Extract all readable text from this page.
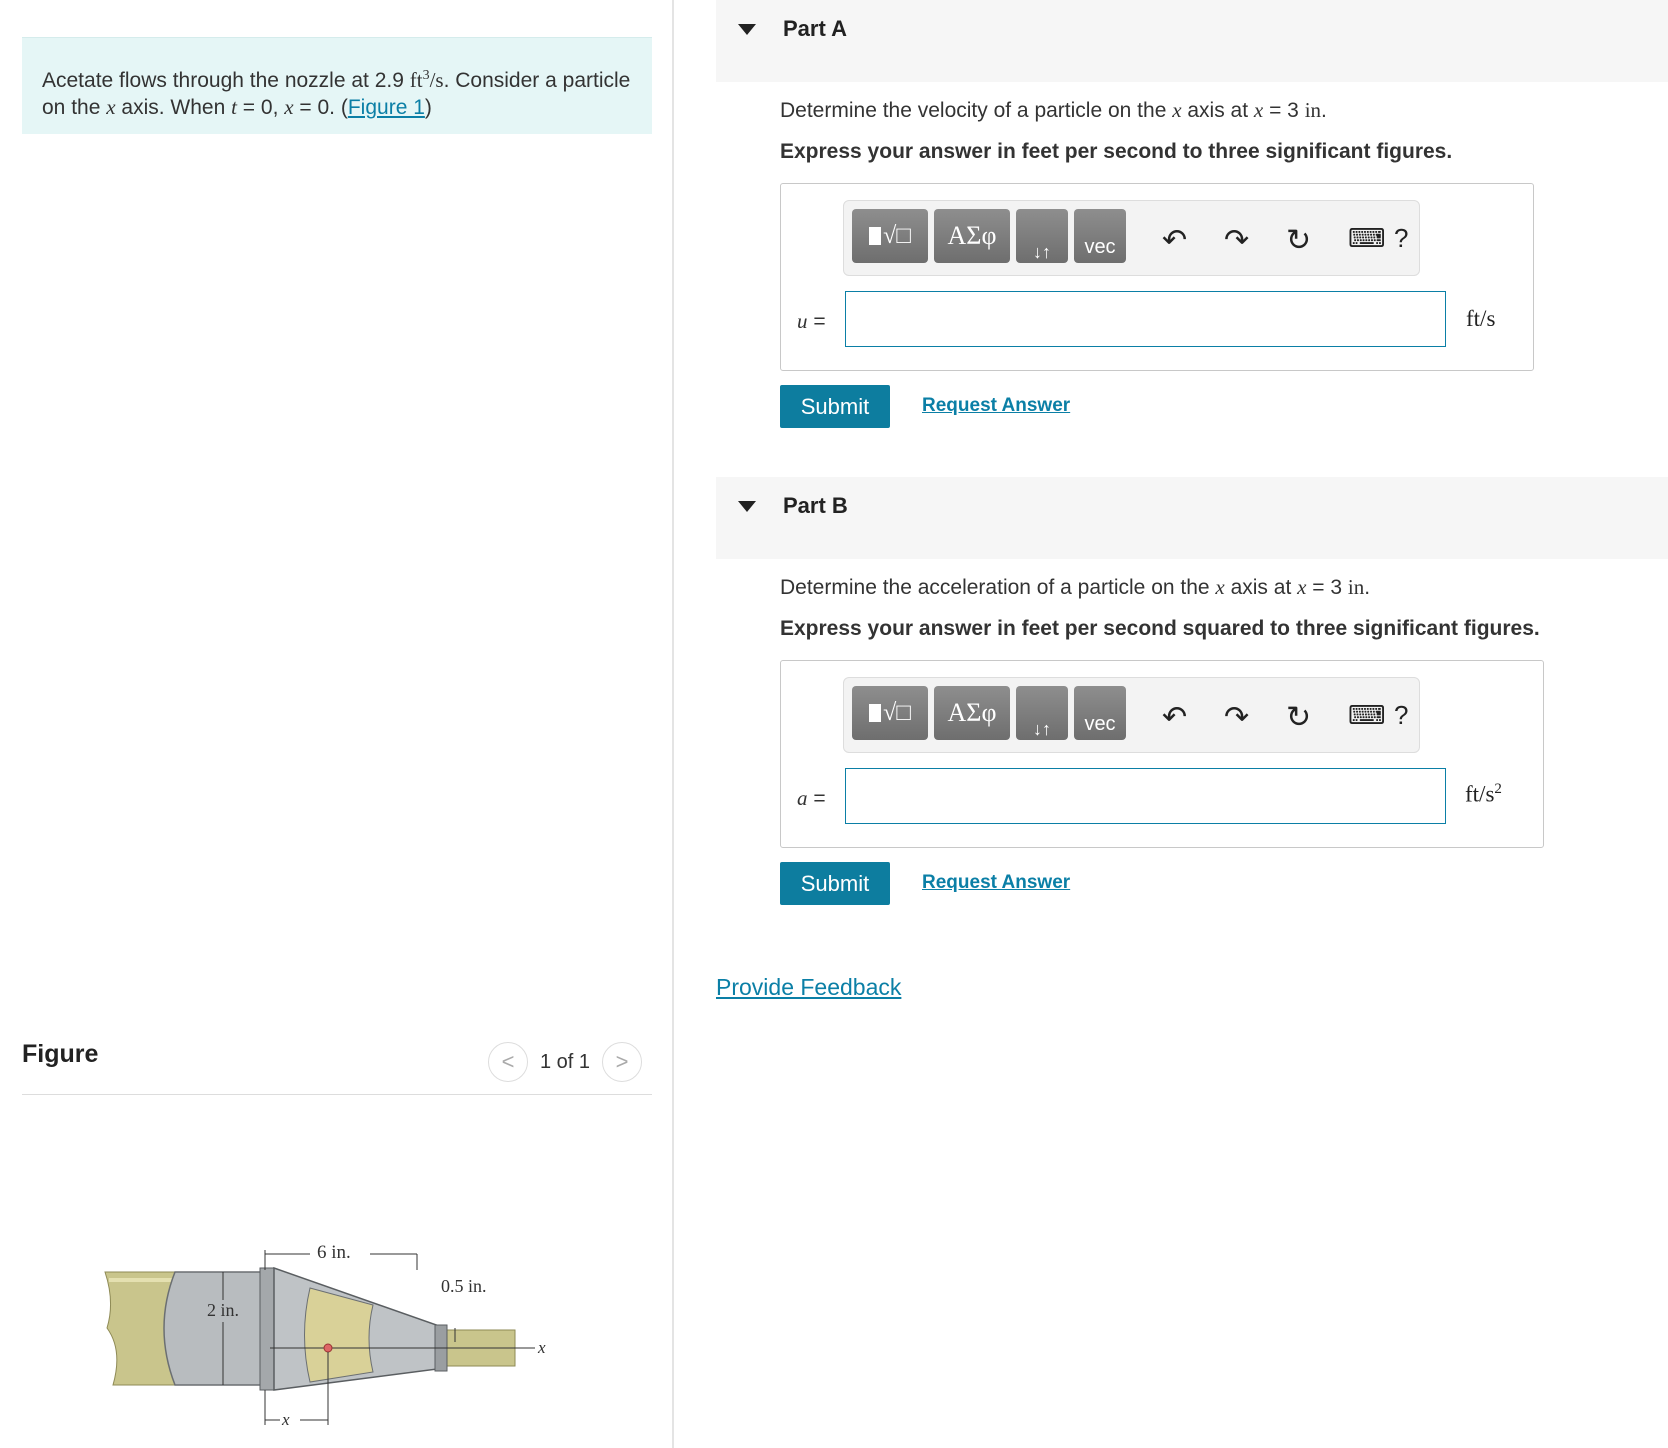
Acetate flows through the nozzle at 2.9 $ft^3/s$. Consider a particle on the x axis. When t = 0, x = 0. (Figure 1)
Figure	< 1 of 1 >
6 in.
2 in.
0.5 in.
x
x
Part A
Determine the velocity of a particle on the x axis at x = 3 in.
Express your answer in feet per second to three significant figures.
√□	ΑΣφ
↓↑	vec	↶ ↷ ↻ ⌨ ?
u =	ft/s
Submit	Request Answer
Part B
Determine the acceleration of a particle on the x axis at x = 3 in.
Express your answer in feet per second squared to three significant figures.
√□	ΑΣφ
↓↑	vec	↶ ↷ ↻ ⌨ ?
a =	$ft/s^2$
Submit	Request Answer
Provide Feedback
